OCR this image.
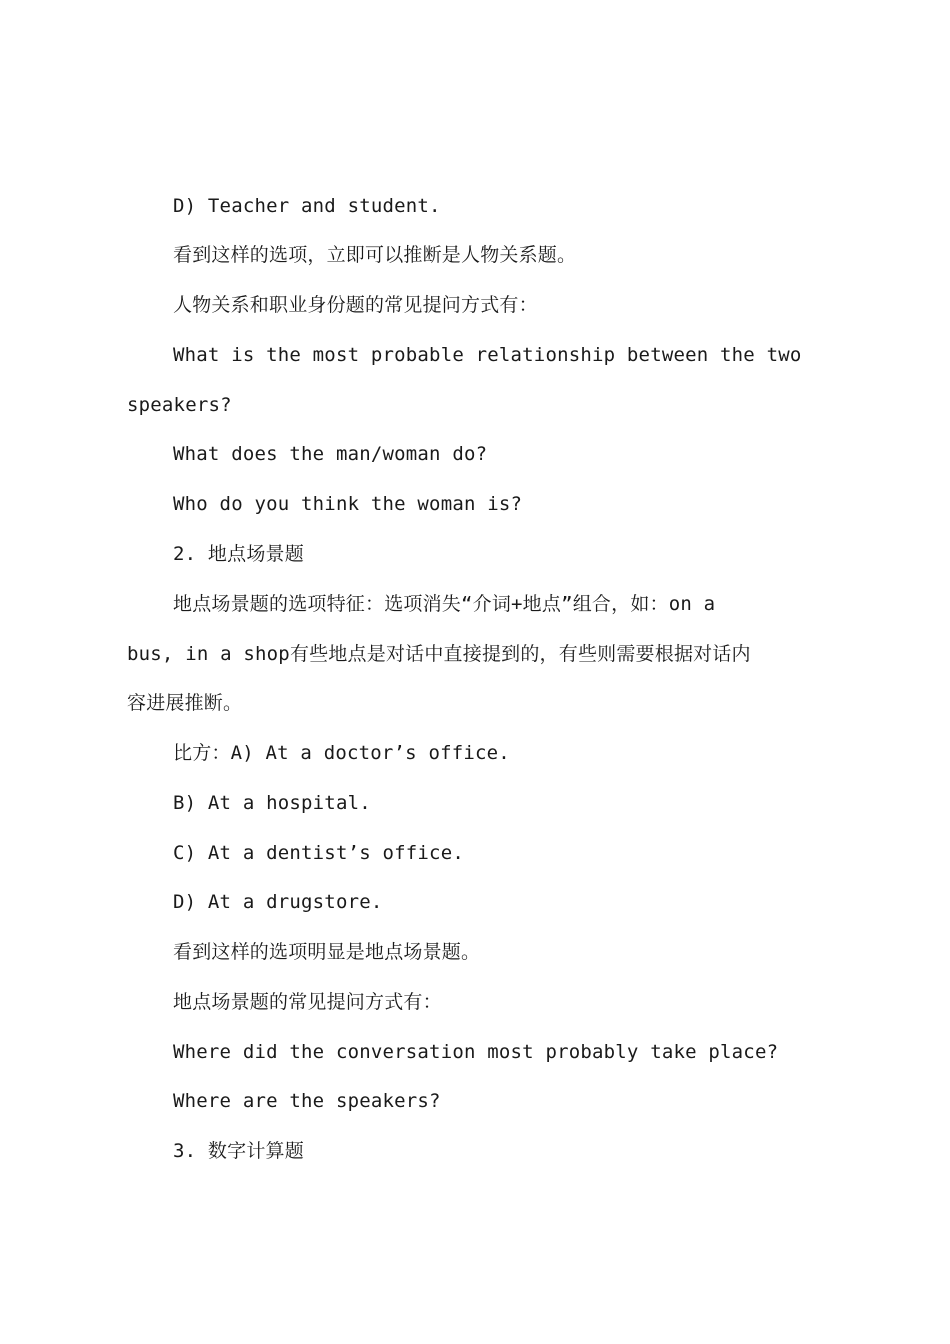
D) Teacher and student.
看到这样的选项，立即可以推断是人物关系题。
人物关系和职业身份题的常见提问方式有：
What is the most probable relationship between the two
speakers?
What does the man/woman do?
Who do you think the woman is?
2. 地点场景题
地点场景题的选项特征：选项消失“介词+地点”组合，如：on a
bus, in a shop有些地点是对话中直接提到的，有些则需要根据对话内
容进展推断。
比方：A) At a doctor’s office.
B) At a hospital.
C) At a dentist’s office.
D) At a drugstore.
看到这样的选项明显是地点场景题。
地点场景题的常见提问方式有：
Where did the conversation most probably take place?
Where are the speakers?
3. 数字计算题
